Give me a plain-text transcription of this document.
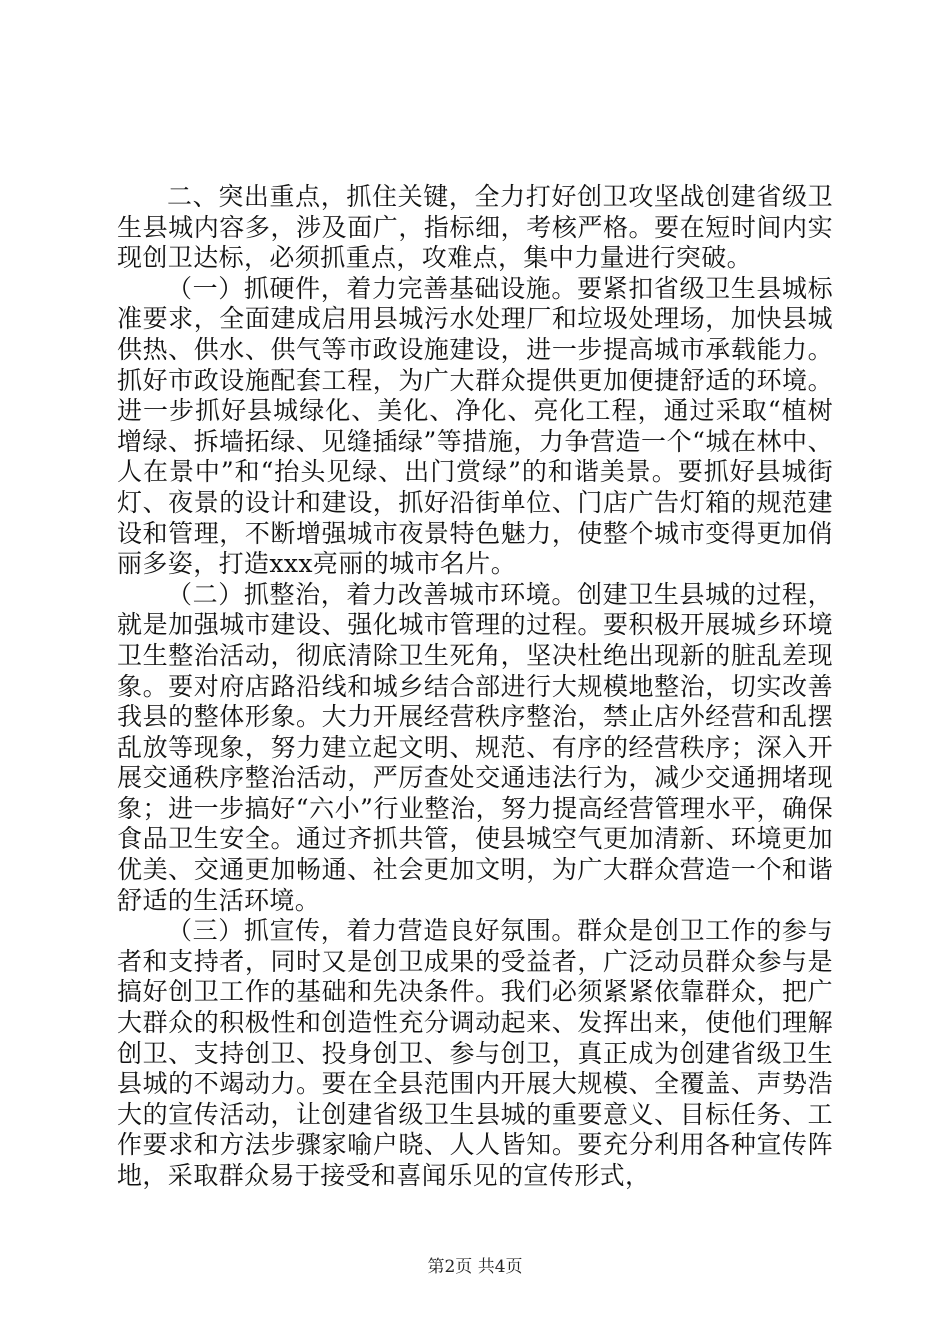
二、突出重点，抓住关键，全力打好创卫攻坚战创建省级卫生县城内容多，涉及面广，指标细，考核严格。要在短时间内实现创卫达标，必须抓重点，攻难点，集中力量进行突破。

（一）抓硬件，着力完善基础设施。要紧扣省级卫生县城标准要求，全面建成启用县城污水处理厂和垃圾处理场，加快县城供热、供水、供气等市政设施建设，进一步提高城市承载能力。抓好市政设施配套工程，为广大群众提供更加便捷舒适的环境。进一步抓好县城绿化、美化、净化、亮化工程，通过采取“植树增绿、拆墙拓绿、见缝插绿”等措施，力争营造一个“城在林中、人在景中”和“抬头见绿、出门赏绿”的和谐美景。要抓好县城街灯、夜景的设计和建设，抓好沿街单位、门店广告灯箱的规范建设和管理，不断增强城市夜景特色魅力，使整个城市变得更加俏丽多姿，打造xxx亮丽的城市名片。

（二）抓整治，着力改善城市环境。创建卫生县城的过程，就是加强城市建设、强化城市管理的过程。要积极开展城乡环境卫生整治活动，彻底清除卫生死角，坚决杜绝出现新的脏乱差现象。要对府店路沿线和城乡结合部进行大规模地整治，切实改善我县的整体形象。大力开展经营秩序整治，禁止店外经营和乱摆乱放等现象，努力建立起文明、规范、有序的经营秩序；深入开展交通秩序整治活动，严厉查处交通违法行为，减少交通拥堵现象；进一步搞好“六小”行业整治，努力提高经营管理水平，确保食品卫生安全。通过齐抓共管，使县城空气更加清新、环境更加优美、交通更加畅通、社会更加文明，为广大群众营造一个和谐舒适的生活环境。

（三）抓宣传，着力营造良好氛围。群众是创卫工作的参与者和支持者，同时又是创卫成果的受益者，广泛动员群众参与是搞好创卫工作的基础和先决条件。我们必须紧紧依靠群众，把广大群众的积极性和创造性充分调动起来、发挥出来，使他们理解创卫、支持创卫、投身创卫、参与创卫，真正成为创建省级卫生县城的不竭动力。要在全县范围内开展大规模、全覆盖、声势浩大的宣传活动，让创建省级卫生县城的重要意义、目标任务、工作要求和方法步骤家喻户晓、人人皆知。要充分利用各种宣传阵地，采取群众易于接受和喜闻乐见的宣传形式，

第2页 共4页
